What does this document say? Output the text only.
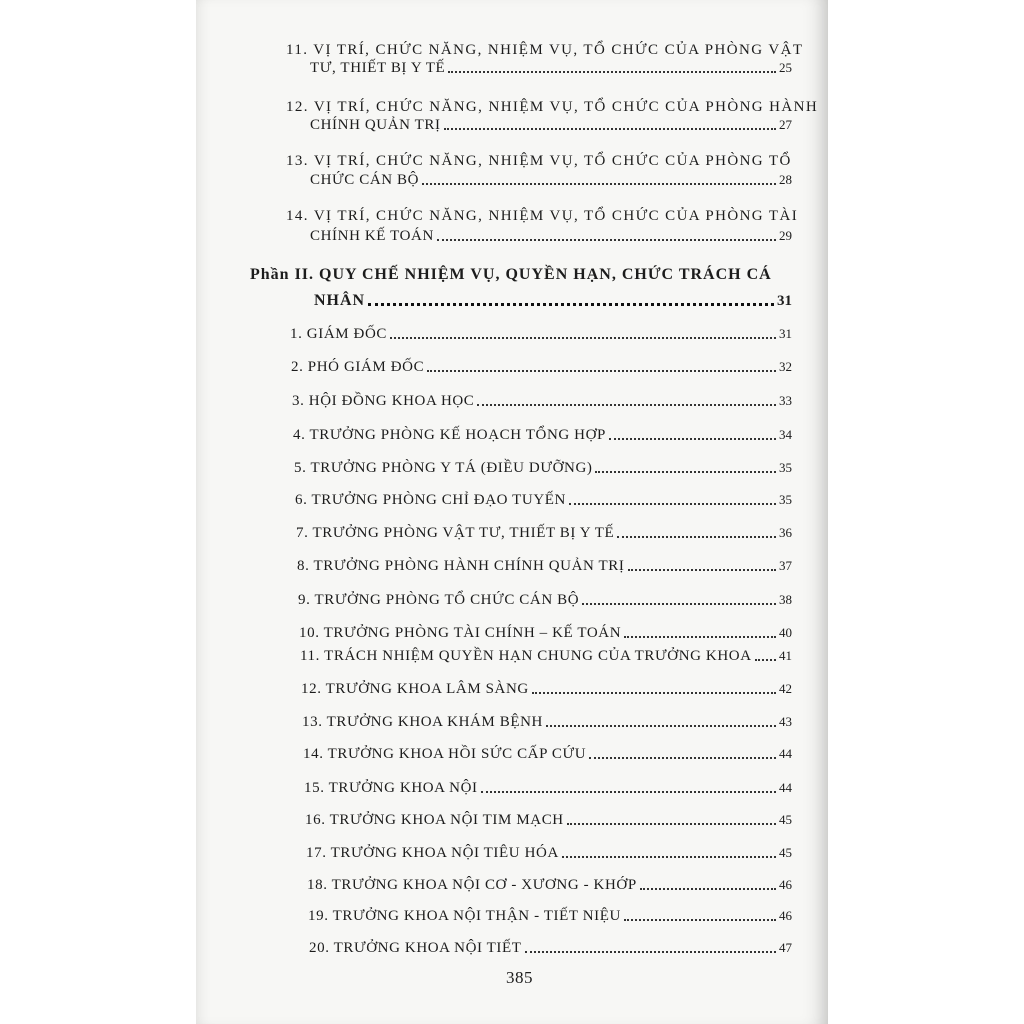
11. VỊ TRÍ, CHỨC NĂNG, NHIỆM VỤ, TỔ CHỨC CỦA PHÒNG VẬT
TƯ, THIẾT BỊ Y TẾ	25
12. VỊ TRÍ, CHỨC NĂNG, NHIỆM VỤ, TỔ CHỨC CỦA PHÒNG HÀNH
CHÍNH QUẢN TRỊ	27
13. VỊ TRÍ, CHỨC NĂNG, NHIỆM VỤ, TỔ CHỨC CỦA PHÒNG TỔ
CHỨC CÁN BỘ	28
14. VỊ TRÍ, CHỨC NĂNG, NHIỆM VỤ, TỔ CHỨC CỦA PHÒNG TÀI
CHÍNH KẾ TOÁN	29
Phần II. QUY CHẾ NHIỆM VỤ, QUYỀN HẠN, CHỨC TRÁCH CÁ
NHÂN	31
1. GIÁM ĐỐC	31
2. PHÓ GIÁM ĐỐC	32
3. HỘI ĐỒNG KHOA HỌC	33
4. TRƯỞNG PHÒNG KẾ HOẠCH TỔNG HỢP	34
5. TRƯỞNG PHÒNG Y TÁ (ĐIỀU DƯỠNG)	35
6. TRƯỞNG PHÒNG CHỈ ĐẠO TUYẾN	35
7. TRƯỞNG PHÒNG VẬT TƯ, THIẾT BỊ Y TẾ	36
8. TRƯỞNG PHÒNG HÀNH CHÍNH QUẢN TRỊ	37
9. TRƯỞNG PHÒNG TỔ CHỨC CÁN BỘ	38
10. TRƯỞNG PHÒNG TÀI CHÍNH – KẾ TOÁN	40
11. TRÁCH NHIỆM QUYỀN HẠN CHUNG CỦA TRƯỞNG KHOA 41
12. TRƯỞNG KHOA LÂM SÀNG	42
13. TRƯỞNG KHOA KHÁM BỆNH	43
14. TRƯỞNG KHOA HỒI SỨC CẤP CỨU	44
15. TRƯỞNG KHOA NỘI	44
16. TRƯỞNG KHOA NỘI TIM MẠCH	45
17. TRƯỞNG KHOA NỘI TIÊU HÓA	45
18. TRƯỞNG KHOA NỘI CƠ - XƯƠNG - KHỚP	46
19. TRƯỞNG KHOA NỘI THẬN - TIẾT NIỆU	46
20. TRƯỞNG KHOA NỘI TIẾT	47
385
